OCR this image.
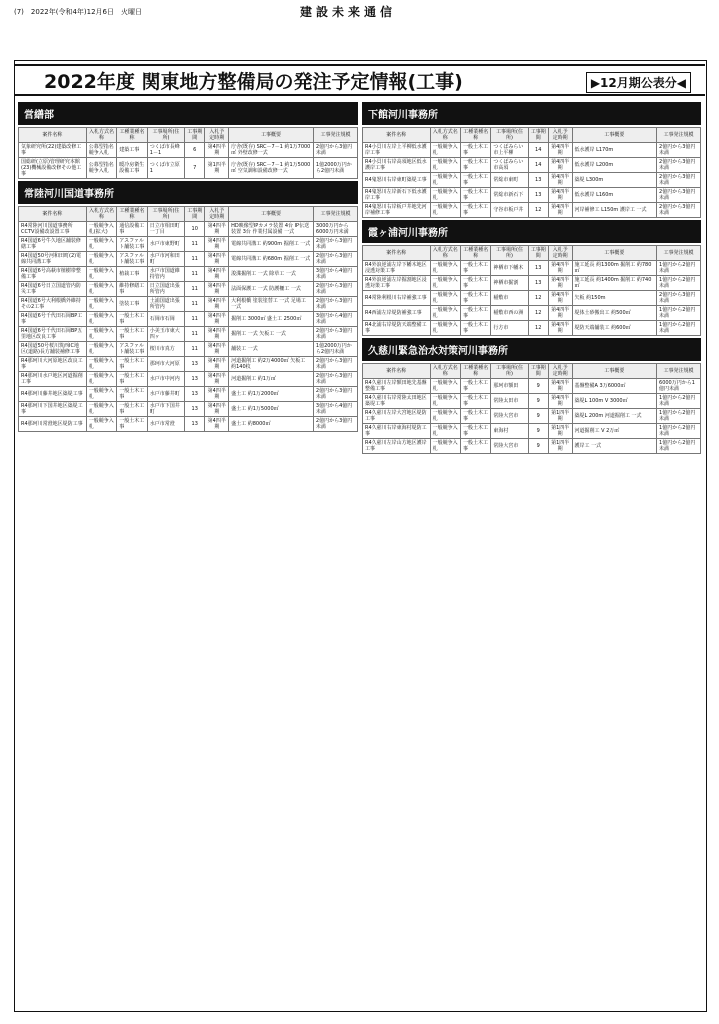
(7)　2022年(令和4年)12月6日　火曜日	建設未来通信
2022年度 関東地方整備局の発注予定情報(工事)	▶12月期公表分◀
営繕部
案件名称	入札方式名称	工種業種名称	工事場所(住所)	工事期間	入札予定時期	工事概要	工事発注規模
気象研究所(22)建築改修工事	公募型指名競争入札	建築工事	つくば市長峰1－1	6	第4四半期	庁舎(既存) SRC－7－1 約1万7000㎡ 外壁改修一式	2億円から3億円未満
国総研(立原)管理研究本館(23)機械設備改修その他工事	公募型指名競争入札	暖冷房衛生設備工事	つくば市立原1	7	第1四半期	庁舎(既存) SRC－7－1 約1万5000㎡ 空気調和設備改修一式	1億2000万円から2億円未満
常陸河川国道事務所
案件名称	入札方式名称	工種業種名称	工事場所(住所)	工事期間	入札予定時期	工事概要	工事発注規模
R4常陸河川国道事務所CCTV設備改設置工事	一般競争入札(拡大)	通信設備工事	日立市相田町一丁目	10	第4四半期	HD映像型IPカメラ装置 4台 IP伝送装置 3台 作業付属設備 一式	3000万円から6000万円未満
R4国道6号牛久地区舗装修繕工事	一般競争入札	アスファルト舗装工事	水戸市東野町	11	第4四半期	電線共同溝工 約900m 掘削工 一式	2億円から3億円未満
R4国道50号河和田町(2)電線共同溝工事	一般競争入札	アスファルト舗装工事	水戸市河和田町	11	第4四半期	電線共同溝工 約680m 掘削工 一式	2億円から3億円未満
R4国道6号高萩市植樹帯整備工事	一般競争入札	植栽工事	水戸市国道維持管内	11	第4四半期	浚渫掘削工 一式 除草工 一式	3億円から4億円未満
R4国道6号日立国道管内防災工事	一般競争入札	維持修繕工事	日立国道出張所管内	11	第4四半期	法面保護工 一式 防護柵工 一式	2億円から3億円未満
R4国道6号大利根橋外維持その2工事	一般競争入札	塗装工事	土浦国道出張所管内	11	第4四半期	大利根橋 塗装塗替工 一式 足場工 一式	2億円から3億円未満
R4国道6号千代田石岡BP工事	一般競争入札	一般土木工事	石岡市石岡	11	第4四半期	掘削工 3000㎥ 盛土工 2500㎥	3億円から4億円未満
R4国道6号千代田石岡BP五里地区改良工事	一般競争入札	一般土木工事	小美玉市東大四ヶ	11	第4四半期	掘削工 一式 矢板工 一式	2億円から3億円未満
R4国道50号桜川筑西IC地区(道路)長方舗装補修工事	一般競争入札	アスファルト舗装工事	桜川市真方	11	第4四半期	舗装工 一式	1億2000万円から2億円未満
R4那珂川大河原地区改良工事	一般競争入札	一般土木工事	那珂市大河原	13	第4四半期	河道掘削工 約2万4000㎥ 矢板工 約140枚	2億円から3億円未満
R4那珂川水戸地区河道掘削工事	一般競争入札	一般土木工事	水戸市中河内	13	第4四半期	河道掘削工 約1万㎥	2億円から3億円未満
R4那珂川藤井地区築堤工事	一般競争入札	一般土木工事	水戸市藤井町	13	第4四半期	盛土工 約1万2000㎥	2億円から3億円未満
R4那珂川下国井地区築堤工事	一般競争入札	一般土木工事	水戸市下国井町	13	第4四半期	盛土工 約1万5000㎥	3億円から4億円未満
R4那珂川常澄地区堤防工事	一般競争入札	一般土木工事	水戸市常澄	13	第4四半期	盛土工 約8000㎥	2億円から3億円未満
下館河川事務所
案件名称	入札方式名称	工種業種名称	工事場所(住所)	工事期間	入札予定時期	工事概要	工事発注規模
R4小貝川左岸上平柳低水護岸工事	一般競争入札	一般土木工事	つくばみらい市上平柳	14	第4四半期	低水護岸 L170m	2億円から3億円未満
R4小貝川右岸高須地区低水護岸工事	一般競争入札	一般土木工事	つくばみらい市高須	14	第4四半期	低水護岸 L200m	2億円から3億円未満
R4鬼怒川右岸東町築堤工事	一般競争入札	一般土木工事	常総市東町	13	第4四半期	築堤 L300m	2億円から3億円未満
R4鬼怒川左岸新石下低水護岸工事	一般競争入札	一般土木工事	常総市新石下	13	第4四半期	低水護岸 L160m	2億円から3億円未満
R4鬼怒川右岸板戸井地先河岸補修工事	一般競争入札	一般土木工事	守谷市板戸井	12	第4四半期	河岸補修工 L150m 護岸工 一式	2億円から3億円未満
霞ヶ浦河川事務所
案件名称	入札方式名称	工種業種名称	工事場所(住所)	工事期間	入札予定時期	工事概要	工事発注規模
R4外浪逆浦左岸下幡木地区浸透対策工事	一般競争入札	一般土木工事	神栖市下幡木	13	第4四半期	施工延長 約1300m 掘削工 約780㎥	1億円から2億円未満
R4外浪逆浦左岸掘割地区浸透対策工事	一般競争入札	一般土木工事	神栖市掘割	13	第4四半期	施工延長 約1400m 掘削工 約740㎥	1億円から2億円未満
R4常陸利根川右岸補強工事	一般競争入札	一般土木工事	稲敷市	12	第4四半期	矢板 約150m	2億円から3億円未満
R4西浦左岸堤防補強工事	一般競争入札	一般土木工事	稲敷市西の洲	12	第4四半期	堤体土砂搬出工 約500㎥	1億円から2億円未満
R4北浦右岸堤防天端整備工事	一般競争入札	一般土木工事	行方市	12	第4四半期	堤防天端舗装工 約600㎡	1億円から2億円未満
久慈川緊急治水対策河川事務所
案件名称	入札方式名称	工種業種名称	工事場所(住所)	工事期間	入札予定時期	工事概要	工事発注規模
R4久慈川左岸額田地先基盤整備工事	一般競争入札	一般土木工事	那珂市額田	9	第4四半期	基盤整備A 3万6000㎥	6000万円から1億円未満
R4久慈川右岸常陸太田地区築堤工事	一般競争入札	一般土木工事	常陸太田市	9	第4四半期	築堤L 100m V 3000㎥	1億円から2億円未満
R4久慈川左岸大宮地区堤防工事	一般競争入札	一般土木工事	常陸大宮市	9	第1四半期	築堤L 200m 河道掘削工 一式	1億円から2億円未満
R4久慈川右岸東海村堤防工事	一般競争入札	一般土木工事	東海村	9	第1四半期	河道掘削工 V 2万㎥	1億円から2億円未満
R4久慈川左岸山方地区護岸工事	一般競争入札	一般土木工事	常陸大宮市	9	第1四半期	護岸工 一式	1億円から2億円未満
